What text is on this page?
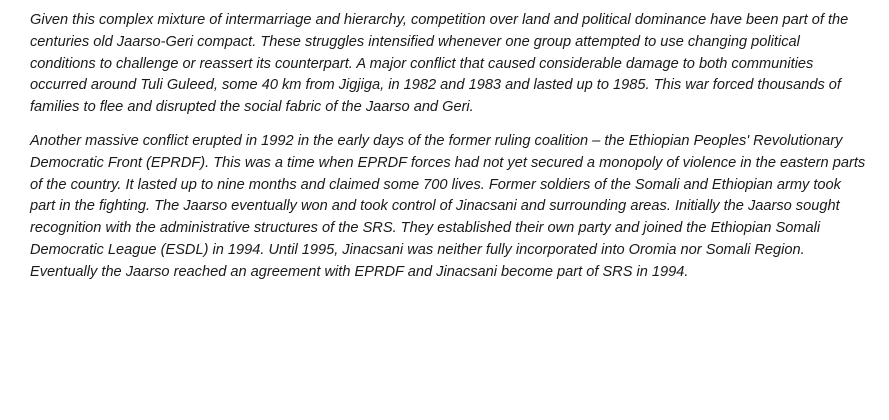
Given this complex mixture of intermarriage and hierarchy, competition over land and political dominance have been part of the centuries old Jaarso-Geri compact. These struggles intensified whenever one group attempted to use changing political conditions to challenge or reassert its counterpart. A major conflict that caused considerable damage to both communities occurred around Tuli Guleed, some 40 km from Jigjiga, in 1982 and 1983 and lasted up to 1985. This war forced thousands of families to flee and disrupted the social fabric of the Jaarso and Geri.

Another massive conflict erupted in 1992 in the early days of the former ruling coalition – the Ethiopian Peoples' Revolutionary Democratic Front (EPRDF). This was a time when EPRDF forces had not yet secured a monopoly of violence in the eastern parts of the country. It lasted up to nine months and claimed some 700 lives. Former soldiers of the Somali and Ethiopian army took part in the fighting. The Jaarso eventually won and took control of Jinacsani and surrounding areas. Initially the Jaarso sought recognition with the administrative structures of the SRS. They established their own party and joined the Ethiopian Somali Democratic League (ESDL) in 1994. Until 1995, Jinacsani was neither fully incorporated into Oromia nor Somali Region. Eventually the Jaarso reached an agreement with EPRDF and Jinacsani become part of SRS in 1994.
